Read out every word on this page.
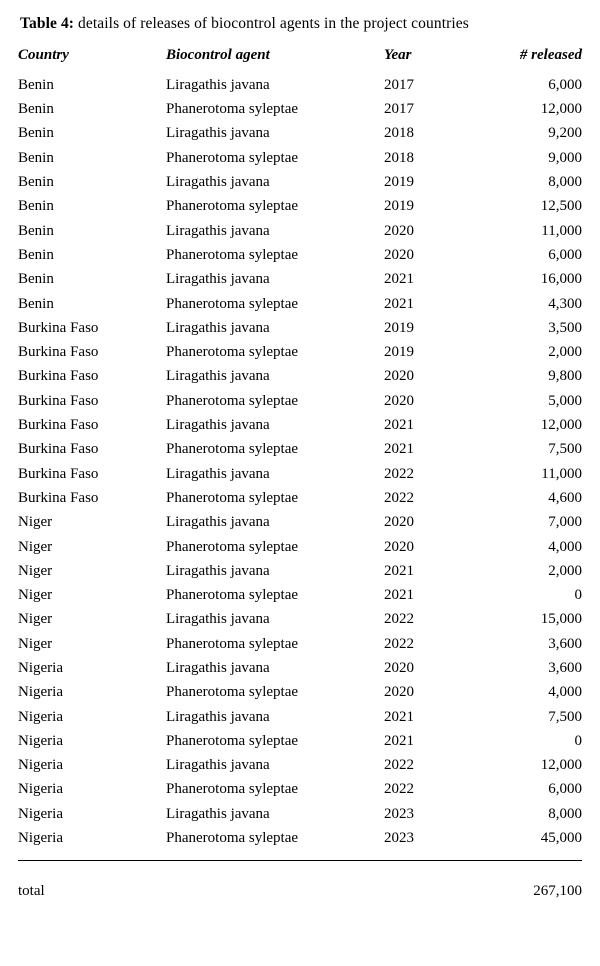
Table 4: details of releases of biocontrol agents in the project countries
Country	Biocontrol agent	Year	# released
Benin	Liragathis javana	2017	6,000
Benin	Phanerotoma syleptae	2017	12,000
Benin	Liragathis javana	2018	9,200
Benin	Phanerotoma syleptae	2018	9,000
Benin	Liragathis javana	2019	8,000
Benin	Phanerotoma syleptae	2019	12,500
Benin	Liragathis javana	2020	11,000
Benin	Phanerotoma syleptae	2020	6,000
Benin	Liragathis javana	2021	16,000
Benin	Phanerotoma syleptae	2021	4,300
Burkina Faso	Liragathis javana	2019	3,500
Burkina Faso	Phanerotoma syleptae	2019	2,000
Burkina Faso	Liragathis javana	2020	9,800
Burkina Faso	Phanerotoma syleptae	2020	5,000
Burkina Faso	Liragathis javana	2021	12,000
Burkina Faso	Phanerotoma syleptae	2021	7,500
Burkina Faso	Liragathis javana	2022	11,000
Burkina Faso	Phanerotoma syleptae	2022	4,600
Niger	Liragathis javana	2020	7,000
Niger	Phanerotoma syleptae	2020	4,000
Niger	Liragathis javana	2021	2,000
Niger	Phanerotoma syleptae	2021	0
Niger	Liragathis javana	2022	15,000
Niger	Phanerotoma syleptae	2022	3,600
Nigeria	Liragathis javana	2020	3,600
Nigeria	Phanerotoma syleptae	2020	4,000
Nigeria	Liragathis javana	2021	7,500
Nigeria	Phanerotoma syleptae	2021	0
Nigeria	Liragathis javana	2022	12,000
Nigeria	Phanerotoma syleptae	2022	6,000
Nigeria	Liragathis javana	2023	8,000
Nigeria	Phanerotoma syleptae	2023	45,000
total	267,100
